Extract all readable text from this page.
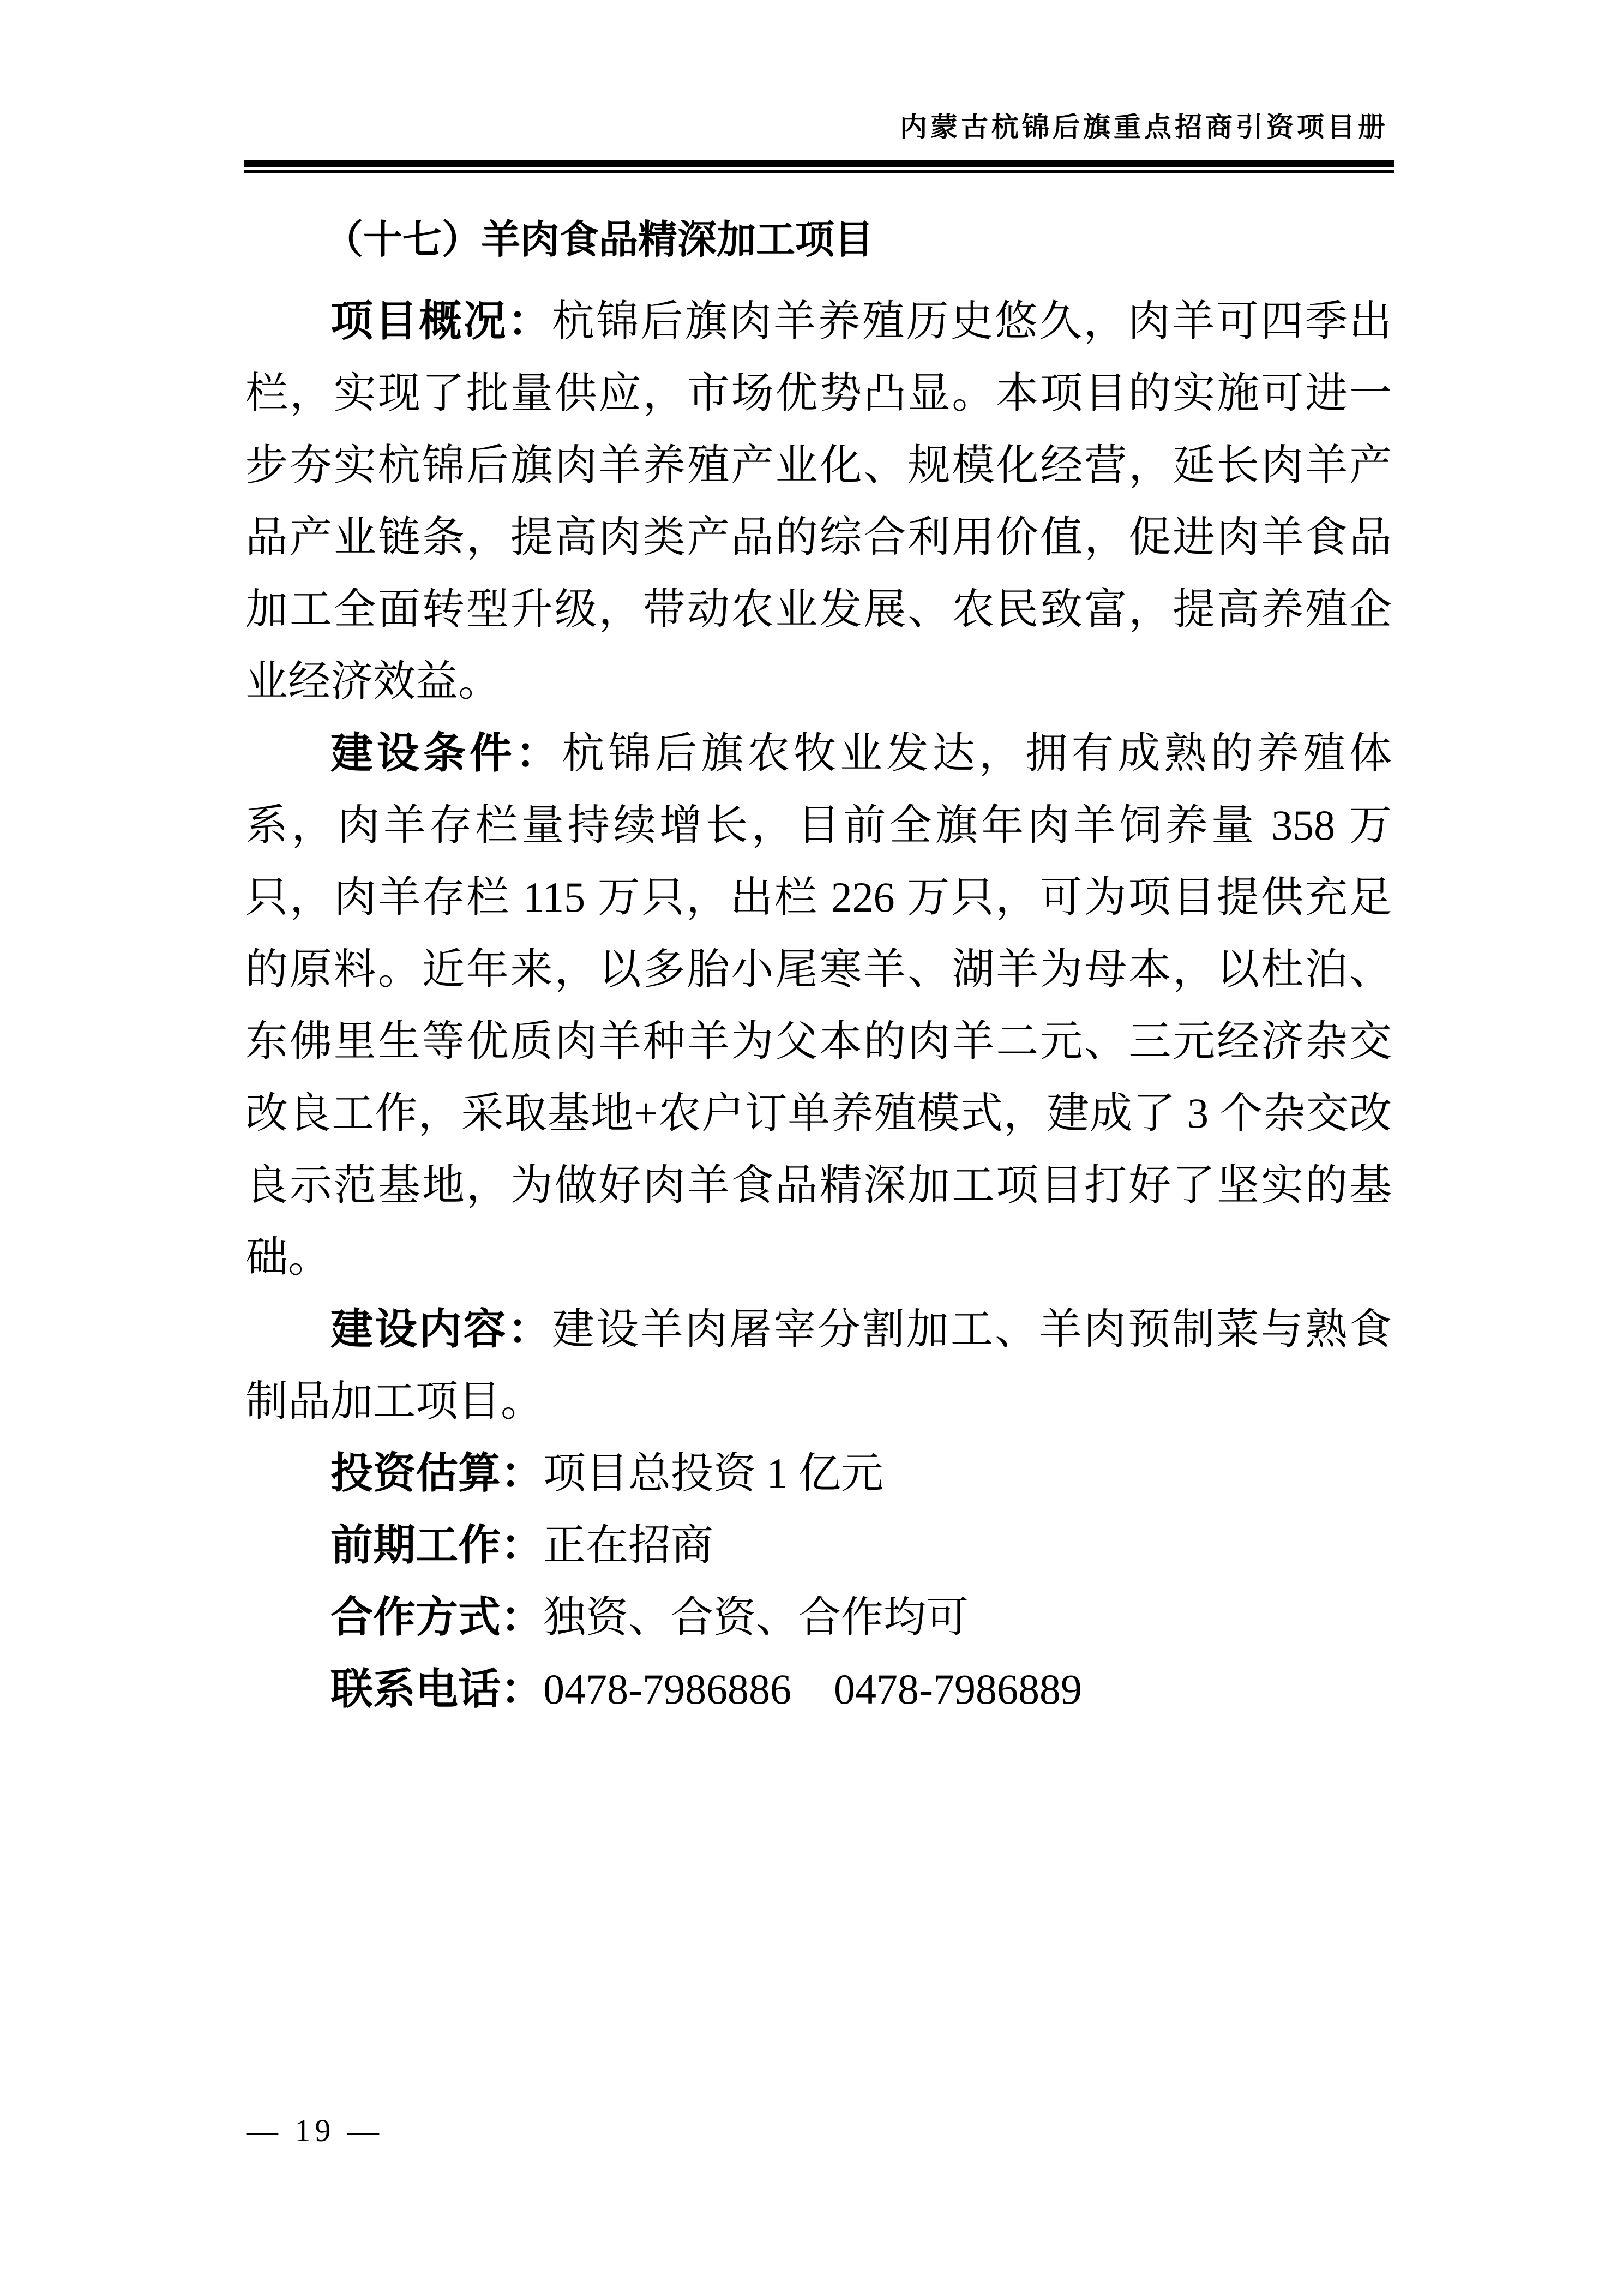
内蒙古杭锦后旗重点招商引资项目册
（十七）羊肉食品精深加工项目

项目概况：杭锦后旗肉羊养殖历史悠久，肉羊可四季出栏，实现了批量供应，市场优势凸显。本项目的实施可进一步夯实杭锦后旗肉羊养殖产业化、规模化经营，延长肉羊产品产业链条，提高肉类产品的综合利用价值，促进肉羊食品加工全面转型升级，带动农业发展、农民致富，提高养殖企业经济效益。

建设条件：杭锦后旗农牧业发达，拥有成熟的养殖体系，肉羊存栏量持续增长，目前全旗年肉羊饲养量 358 万只，肉羊存栏 115 万只，出栏 226 万只，可为项目提供充足的原料。近年来，以多胎小尾寒羊、湖羊为母本，以杜泊、东佛里生等优质肉羊种羊为父本的肉羊二元、三元经济杂交改良工作，采取基地+农户订单养殖模式，建成了 3 个杂交改良示范基地，为做好肉羊食品精深加工项目打好了坚实的基础。

建设内容：建设羊肉屠宰分割加工、羊肉预制菜与熟食制品加工项目。

投资估算：项目总投资 1 亿元

前期工作：正在招商

合作方式：独资、合资、合作均可

联系电话：0478-7986886　0478-7986889

— 19 —
